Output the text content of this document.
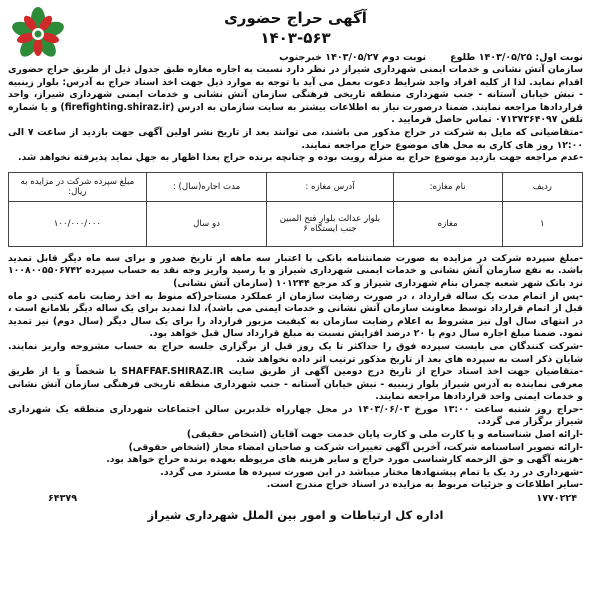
آگهی حراج حضوری
۱۴۰۳-۵۶۳
نوبت اول: ۱۴۰۳/۰۵/۲۵ طلوع
نوبت دوم ۱۴۰۳/۰۵/۲۷ خبرجنوب

سازمان آتش نشانی و خدمات ایمنی شهرداری شیراز در نظر دارد نسبت به اجاره مغازه طبق جدول ذیل از طریق حراج حضوری اقدام نماید. لذا از کلیه افراد واجد شرایط دعوت بعمل می آید با توجه به موارد ذیل جهت اخذ اسناد حراج به آدرس: بلوار زینبیه - نبش خیابان آستانه - جنب شهرداری منطقه تاریخی فرهنگی سازمان آتش نشانی و خدمات ایمنی شهرداری شیراز، واحد قراردادها مراجعه نمایند. ضمنا درصورت نیاز به اطلاعات بیشتر به سایت سازمان به ادرس (firefighting.shiraz.ir) و یا شماره تلفن ۰۷۱۳۷۳۶۴۰۹۷ تماس حاصل فرمایید .

-متقاضیانی که مایل به شرکت در حراج مذکور می باشند، می توانند بعد از تاریخ نشر اولین آگهی جهت بازدید از ساعت ۷ الی ۱۲:۰۰ روز های کاری به محل های موضوع حراج مراجعه نمایند.

-عدم مراجعه جهت بازدید موضوع حراج به منزله رویت بوده و چنانچه برنده حراج بعدا اظهار به جهل نماید پذیرفته نخواهد شد.

ردیف	نام مغازه:	آدرس مغازه :	مدت اجاره(سال) :	مبلغ سپرده شرکت در مزایده به ریال:
۱	مغازه	بلوار عدالت بلوار فتح المبین جنب ایستگاه ۶	دو سال	۱۰۰/۰۰۰/۰۰۰

-مبلغ سپرده شرکت در مزایده به صورت ضمانتنامه بانکی با اعتبار سه ماهه از تاریخ صدور و برای سه ماه دیگر قابل تمدید باشد. به نفع سازمان آتش نشانی و خدمات ایمنی شهرداری شیراز و یا رسید واریز وجه نقد به حساب سپرده ۱۰۰۸۰۰۵۵۰۶۷۴۲ نزد بانک شهر شعبه چمران بنام شهرداری شیراز و کد مرجع ۱۰۱۲۴۴ (سازمان آتش نشانی)

-پس از اتمام مدت یک ساله قرارداد ، در صورت رضایت سازمان از عملکرد مستاجر(که منوط به اخذ رضایت نامه کتبی دو ماه قبل از اتمام قرارداد توسط معاونت سازمان آتش نشانی و خدمات ایمنی می باشد)، لذا تمدید برای یک ساله دیگر بلامانع است ، در انتهای سال اول نیز مشروط به اعلام رضایت سازمان به کیفیت مزبور قرارداد را برای یک سال دیگر (سال دوم) نیز تمدید نمود. ضمنا مبلغ اجاره سال دوم با ۲۰ درصد افزایش نسبت به مبلغ قرارداد سال قبل خواهد بود.

-شرکت کنندگان می بایست سپرده فوق را حداکثر تا یک روز قبل از برگزاری جلسه حراج به حساب مشروحه واریز نمایند. شایان ذکر است به سپرده های بعد از تاریخ مذکور ترتیب اثر داده نخواهد شد.

-متقاضیان جهت اخذ اسناد حراج از تاریخ درج دومین آگهی از طریق سایت SHAFFAF.SHIRAZ.IR یا شخصاً و یا از طریق معرفی نماینده به آدرس شیراز بلوار زینبیه - نبش خیابان آستانه - جنب شهرداری منطقه تاریخی فرهنگی سازمان آتش نشانی و خدمات ایمنی واحد قراردادها مراجعه نمایند.

-حراج روز شنبه ساعت ۱۳:۰۰ مورخ ۱۴۰۳/۰۶/۰۳ در محل چهارراه خلدبرین سالن اجتماعات شهرداری منطقه یک شهرداری شیراز برگزار می گردد.

-ارائه اصل شناسنامه و یا کارت ملی و کارت پایان خدمت جهت آقایان (اشخاص حقیقی)

-ارائه تصویر اساسنامه شرکت، آخرین آگهی تغییرات شرکت و صاحبان امضاء مجاز (اشخاص حقوقی)

-هزینه آگهی و حق الزحمه کارشناسی مورد حراج و سایر هزینه های مربوطه بعهده برنده حراج خواهد بود.

-شهرداری در رد یک یا تمام پیشنهادها مختار میباشد در این صورت سپرده ها مسترد می گردد.

-سایر اطلاعات و جزئیات مربوط به مزایده در اسناد حراج مندرج است.

۶۴۳۷۹	۱۷۷۰۲۲۴
اداره کل ارتباطات و امور بین الملل شهرداری شیراز
